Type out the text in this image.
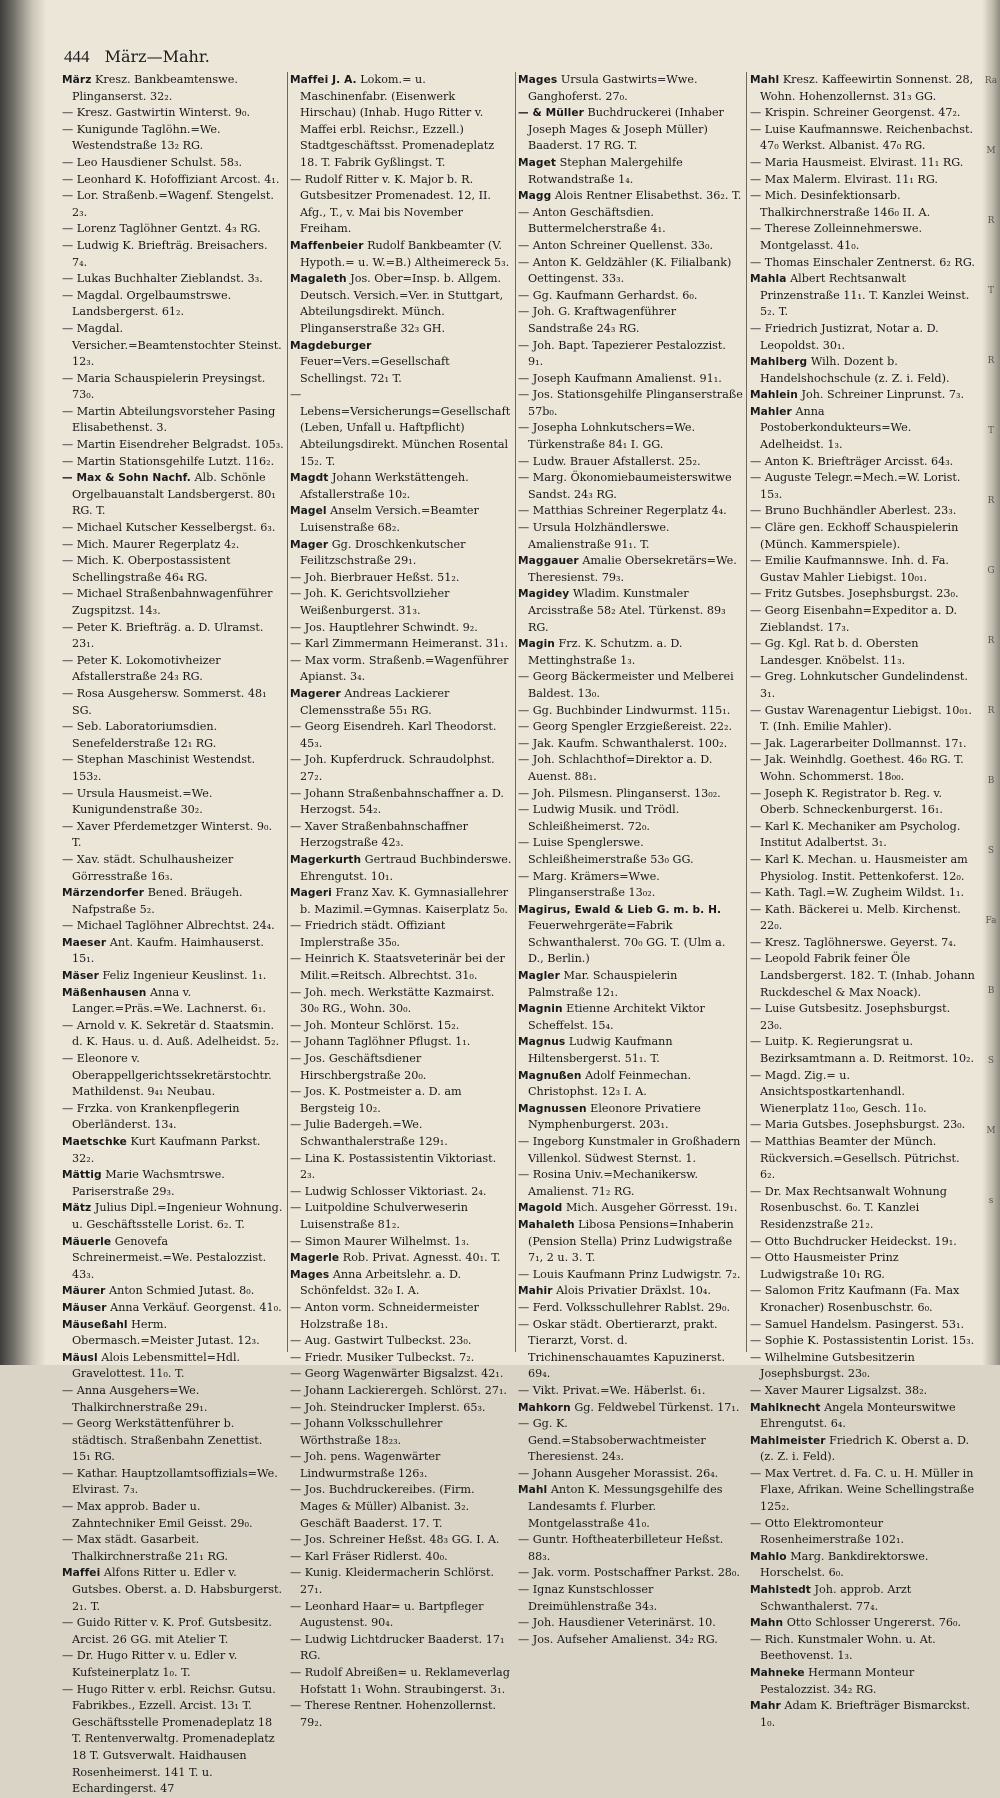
444 März—Mahr.

März Kresz. Bankbeamtenswe. Plinganserst. 32₂.

— Kresz. Gastwirtin Winterst. 9₀.

— Kunigunde Taglöhn.=We. Westendstraße 13₂ RG.

— Leo Hausdiener Schulst. 58₃.

— Leonhard K. Hofoffiziant Arcost. 4₁.

— Lor. Straßenb.=Wagenf. Stengelst. 2₃.

— Lorenz Taglöhner Gentzt. 4₃ RG.

— Ludwig K. Briefträg. Breisachers. 7₄.

— Lukas Buchhalter Zieblandst. 3₃.

— Magdal. Orgelbaumstrswe. Landsbergerst. 61₂.

— Magdal. Versicher.=Beamtenstochter Steinst. 12₃.

— Maria Schauspielerin Preysingst. 73₀.

— Martin Abteilungsvorsteher Pasing Elisabethenst. 3.

— Martin Eisendreher Belgradst. 105₃.

— Martin Stationsgehilfe Lutzt. 116₂.

— Max & Sohn Nachf. Alb. Schönle Orgelbauanstalt Landsbergerst. 80₁ RG. T.

— Michael Kutscher Kesselbergst. 6₃.

— Mich. Maurer Regerplatz 4₂.

— Mich. K. Oberpostassistent Schellingstraße 46₄ RG.

— Michael Straßenbahnwagenführer Zugspitzst. 14₃.

— Peter K. Briefträg. a. D. Ulramst. 23₁.

— Peter K. Lokomotivheizer Afstallerstraße 24₃ RG.

— Rosa Ausgehersw. Sommerst. 48₁ SG.

— Seb. Laboratoriumsdien. Senefelderstraße 12₁ RG.

— Stephan Maschinist Westendst. 153₂.

— Ursula Hausmeist.=We. Kunigundenstraße 30₂.

— Xaver Pferdemetzger Winterst. 9₀. T.

— Xav. städt. Schulhausheizer Görresstraße 16₃.

Märzendorfer Bened. Bräugeh. Nafpstraße 5₂.

— Michael Taglöhner Albrechtst. 24₄.

Maeser Ant. Kaufm. Haimhauserst. 15₁.

Mäser Feliz Ingenieur Keuslinst. 1₁.

Mäßenhausen Anna v. Langer.=Präs.=We. Lachnerst. 6₁.

— Arnold v. K. Sekretär d. Staatsmin. d. K. Haus. u. d. Auß. Adelheidst. 5₂.

— Eleonore v. Oberappellgerichtssekretärstochtr. Mathildenst. 9₄₁ Neubau.

— Frzka. von Krankenpflegerin Oberländerst. 13₄.

Maetschke Kurt Kaufmann Parkst. 32₂.

Mättig Marie Wachsmtrswe. Pariserstraße 29₃.

Mätz Julius Dipl.=Ingenieur Wohnung. u. Geschäftsstelle Lorist. 6₂. T.

Mäuerle Genovefa Schreinermeist.=We. Pestalozzist. 43₃.

Mäurer Anton Schmied Jutast. 8₀.

Mäuser Anna Verkäuf. Georgenst. 41₀.

Mäuseßahl Herm. Obermasch.=Meister Jutast. 12₃.

Mäusl Alois Lebensmittel=Hdl. Gravelottest. 11₀. T.

— Anna Ausgehers=We. Thalkirchnerstraße 29₁.

— Georg Werkstättenführer b. städtisch. Straßenbahn Zenettist. 15₁ RG.

— Kathar. Hauptzollamtsoffizials=We. Elvirast. 7₃.

— Max approb. Bader u. Zahntechniker Emil Geisst. 29₀.

— Max städt. Gasarbeit. Thalkirchnerstraße 21₁ RG.

Maffei Alfons Ritter u. Edler v. Gutsbes. Oberst. a. D. Habsburgerst. 2₁. T.

— Guido Ritter v. K. Prof. Gutsbesitz. Arcist. 26 GG. mit Atelier T.

— Dr. Hugo Ritter v. u. Edler v. Kufsteinerplatz 1₀. T.

— Hugo Ritter v. erbl. Reichsr. Gutsu. Fabrikbes., Ezzell. Arcist. 13₁ T. Geschäftsstelle Promenadeplatz 18 T. Rentenverwaltg. Promenadeplatz 18 T. Gutsverwalt. Haidhausen Rosenheimerst. 141 T. u. Echardingerst. 47

Maffei J. A. Lokom.= u. Maschinenfabr. (Eisenwerk Hirschau) (Inhab. Hugo Ritter v. Maffei erbl. Reichsr., Ezzell.) Stadtgeschäftsst. Promenadeplatz 18. T. Fabrik Gyßlingst. T.

— Rudolf Ritter v. K. Major b. R. Gutsbesitzer Promenadest. 12, II. Afg., T., v. Mai bis November Freiham.

Maffenbeier Rudolf Bankbeamter (V. Hypoth.= u. W.=B.) Altheimereck 5₃.

Magaleth Jos. Ober=Insp. b. Allgem. Deutsch. Versich.=Ver. in Stuttgart, Abteilungsdirekt. Münch. Plinganserstraße 32₃ GH.

Magdeburger Feuer=Vers.=Gesellschaft Schellingst. 72₁ T.

— Lebens=Versicherungs=Gesellschaft (Leben, Unfall u. Haftpflicht) Abteilungsdirekt. München Rosental 15₂. T.

Magdt Johann Werkstättengeh. Afstallerstraße 10₂.

Magel Anselm Versich.=Beamter Luisenstraße 68₂.

Mager Gg. Droschkenkutscher Feilitzschstraße 29₁.

— Joh. Bierbrauer Heßst. 51₂.

— Joh. K. Gerichtsvollzieher Weißenburgerst. 31₃.

— Jos. Hauptlehrer Schwindt. 9₂.

— Karl Zimmermann Heimeranst. 31₁.

— Max vorm. Straßenb.=Wagenführer Apianst. 3₄.

Magerer Andreas Lackierer Clemensstraße 55₁ RG.

— Georg Eisendreh. Karl Theodorst. 45₃.

— Joh. Kupferdruck. Schraudolphst. 27₂.

— Johann Straßenbahnschaffner a. D. Herzogst. 54₂.

— Xaver Straßenbahnschaffner Herzogstraße 42₃.

Magerkurth Gertraud Buchbinderswe. Ehrengutst. 10₁.

Mageri Franz Xav. K. Gymnasiallehrer b. Mazimil.=Gymnas. Kaiserplatz 5₀.

— Friedrich städt. Offiziant Implerstraße 35₀.

— Heinrich K. Staatsveterinär bei der Milit.=Reitsch. Albrechtst. 31₀.

— Joh. mech. Werkstätte Kazmairst. 30₀ RG., Wohn. 30₀.

— Joh. Monteur Schlörst. 15₂.

— Johann Taglöhner Pflugst. 1₁.

— Jos. Geschäftsdiener Hirschbergstraße 20₀.

— Jos. K. Postmeister a. D. am Bergsteig 10₂.

— Julie Badergeh.=We. Schwanthalerstraße 129₁.

— Lina K. Postassistentin Viktoriast. 2₃.

— Ludwig Schlosser Viktoriast. 2₄.

— Luitpoldine Schulverweserin Luisenstraße 81₂.

— Simon Maurer Wilhelmst. 1₃.

Magerle Rob. Privat. Agnesst. 40₁. T.

Mages Anna Arbeitslehr. a. D. Schönfeldst. 32₀ I. A.

— Anton vorm. Schneidermeister Holzstraße 18₁.

— Aug. Gastwirt Tulbeckst. 23₀.

— Friedr. Musiker Tulbeckst. 7₂.

— Georg Wagenwärter Bigsalzst. 42₁.

— Johann Lackierergeh. Schlörst. 27₁.

— Joh. Steindrucker Implerst. 65₃.

— Johann Volksschullehrer Wörthstraße 18₂₃.

— Joh. pens. Wagenwärter Lindwurmstraße 126₃.

— Jos. Buchdruckereibes. (Firm. Mages & Müller) Albanist. 3₂. Geschäft Baaderst. 17. T.

— Jos. Schreiner Heßst. 48₃ GG. I. A.

— Karl Fräser Ridlerst. 40₀.

— Kunig. Kleidermacherin Schlörst. 27₁.

— Leonhard Haar= u. Bartpfleger Augustenst. 90₄.

— Ludwig Lichtdrucker Baaderst. 17₁ RG.

— Rudolf Abreißen= u. Reklameverlag Hofstatt 1₁ Wohn. Straubingerst. 3₁.

— Therese Rentner. Hohenzollernst. 79₂.

Mages Ursula Gastwirts=Wwe. Ganghoferst. 27₀.

— & Müller Buchdruckerei (Inhaber Joseph Mages & Joseph Müller) Baaderst. 17 RG. T.

Maget Stephan Malergehilfe Rotwandstraße 1₄.

Magg Alois Rentner Elisabethst. 36₂. T.

— Anton Geschäftsdien. Buttermelcherstraße 4₁.

— Anton Schreiner Quellenst. 33₀.

— Anton K. Geldzähler (K. Filialbank) Oettingenst. 33₃.

— Gg. Kaufmann Gerhardst. 6₀.

— Joh. G. Kraftwagenführer Sandstraße 24₃ RG.

— Joh. Bapt. Tapezierer Pestalozzist. 9₁.

— Joseph Kaufmann Amalienst. 91₁.

— Jos. Stationsgehilfe Plinganserstraße 57b₀.

— Josepha Lohnkutschers=We. Türkenstraße 84₁ I. GG.

— Ludw. Brauer Afstallerst. 25₂.

— Marg. Ökonomiebaumeisterswitwe Sandst. 24₃ RG.

— Matthias Schreiner Regerplatz 4₄.

— Ursula Holzhändlerswe. Amalienstraße 91₁. T.

Maggauer Amalie Obersekretärs=We. Theresienst. 79₃.

Magidey Wladim. Kunstmaler Arcisstraße 58₂ Atel. Türkenst. 89₃ RG.

Magin Frz. K. Schutzm. a. D. Mettinghstraße 1₃.

— Georg Bäckermeister und Melberei Baldest. 13₀.

— Gg. Buchbinder Lindwurmst. 115₁.

— Georg Spengler Erzgießereist. 22₂.

— Jak. Kaufm. Schwanthalerst. 100₂.

— Joh. Schlachthof=Direktor a. D. Auenst. 88₁.

— Joh. Pilsmesn. Plinganserst. 13₀₂.

— Ludwig Musik. und Trödl. Schleißheimerst. 72₀.

— Luise Spenglerswe. Schleißheimerstraße 53₀ GG.

— Marg. Krämers=Wwe. Plinganserstraße 13₀₂.

Magirus, Ewald & Lieb G. m. b. H. Feuerwehrgeräte=Fabrik Schwanthalerst. 70₀ GG. T. (Ulm a. D., Berlin.)

Magler Mar. Schauspielerin Palmstraße 12₁.

Magnin Etienne Architekt Viktor Scheffelst. 15₄.

Magnus Ludwig Kaufmann Hiltensbergerst. 51₁. T.

Magnußen Adolf Feinmechan. Christophst. 12₃ I. A.

Magnussen Eleonore Privatiere Nymphenburgerst. 203₁.

— Ingeborg Kunstmaler in Großhadern Villenkol. Südwest Sternst. 1.

— Rosina Univ.=Mechanikersw. Amalienst. 71₂ RG.

Magold Mich. Ausgeher Görresst. 19₁.

Mahaleth Libosa Pensions=Inhaberin (Pension Stella) Prinz Ludwigstraße 7₁, 2 u. 3. T.

— Louis Kaufmann Prinz Ludwigstr. 7₂.

Mahir Alois Privatier Dräxlst. 10₄.

— Ferd. Volksschullehrer Rablst. 29₀.

— Oskar städt. Obertierarzt, prakt. Tierarzt, Vorst. d. Trichinenschauamtes Kapuzinerst. 69₄.

— Vikt. Privat.=We. Häberlst. 6₁.

Mahkorn Gg. Feldwebel Türkenst. 17₁.

— Gg. K. Gend.=Stabsoberwachtmeister Theresienst. 24₃.

— Johann Ausgeher Morassist. 26₄.

Mahl Anton K. Messungsgehilfe des Landesamts f. Flurber. Montgelasstraße 41₀.

— Guntr. Hoftheaterbilleteur Heßst. 88₃.

— Jak. vorm. Postschaffner Parkst. 28₀.

— Ignaz Kunstschlosser Dreimühlenstraße 34₃.

— Joh. Hausdiener Veterinärst. 10.

— Jos. Aufseher Amalienst. 34₂ RG.

Mahl Kresz. Kaffeewirtin Sonnenst. 28, Wohn. Hohenzollernst. 31₃ GG.

— Krispin. Schreiner Georgenst. 47₂.

— Luise Kaufmannswe. Reichenbachst. 47₀ Werkst. Albanist. 47₀ RG.

— Maria Hausmeist. Elvirast. 11₁ RG.

— Max Malerm. Elvirast. 11₁ RG.

— Mich. Desinfektionsarb. Thalkirchnerstraße 146₀ II. A.

— Therese Zolleinnehmerswe. Montgelasst. 41₀.

— Thomas Einschaler Zentnerst. 6₂ RG.

Mahla Albert Rechtsanwalt Prinzenstraße 11₁. T. Kanzlei Weinst. 5₂. T.

— Friedrich Justizrat, Notar a. D. Leopoldst. 30₁.

Mahlberg Wilh. Dozent b. Handelshochschule (z. Z. i. Feld).

Mahlein Joh. Schreiner Linprunst. 7₃.

Mahler Anna Postoberkondukteurs=We. Adelheidst. 1₃.

— Anton K. Briefträger Arcisst. 64₃.

— Auguste Telegr.=Mech.=W. Lorist. 15₃.

— Bruno Buchhändler Aberlest. 23₃.

— Cläre gen. Eckhoff Schauspielerin (Münch. Kammerspiele).

— Emilie Kaufmannswe. Inh. d. Fa. Gustav Mahler Liebigst. 10₀₁.

— Fritz Gutsbes. Josephsburgst. 23₀.

— Georg Eisenbahn=Expeditor a. D. Zieblandst. 17₃.

— Gg. Kgl. Rat b. d. Obersten Landesger. Knöbelst. 11₃.

— Greg. Lohnkutscher Gundelindenst. 3₁.

— Gustav Warenagentur Liebigst. 10₀₁. T. (Inh. Emilie Mahler).

— Jak. Lagerarbeiter Dollmannst. 17₁.

— Jak. Weinhdlg. Goethest. 46₀ RG. T. Wohn. Schommerst. 18₀₀.

— Joseph K. Registrator b. Reg. v. Oberb. Schneckenburgerst. 16₁.

— Karl K. Mechaniker am Psycholog. Institut Adalbertst. 3₁.

— Karl K. Mechan. u. Hausmeister am Physiolog. Instit. Pettenkoferst. 12₀.

— Kath. Tagl.=W. Zugheim Wildst. 1₁.

— Kath. Bäckerei u. Melb. Kirchenst. 22₀.

— Kresz. Taglöhnerswe. Geyerst. 7₄.

— Leopold Fabrik feiner Öle Landsbergerst. 182. T. (Inhab. Johann Ruckdeschel & Max Noack).

— Luise Gutsbesitz. Josephsburgst. 23₀.

— Luitp. K. Regierungsrat u. Bezirksamtmann a. D. Reitmorst. 10₂.

— Magd. Zig.= u. Ansichtspostkartenhandl. Wienerplatz 11₀₀, Gesch. 11₀.

— Maria Gutsbes. Josephsburgst. 23₀.

— Matthias Beamter der Münch. Rückversich.=Gesellsch. Pütrichst. 6₂.

— Dr. Max Rechtsanwalt Wohnung Rosenbuschst. 6₀. T. Kanzlei Residenzstraße 21₂.

— Otto Buchdrucker Heideckst. 19₁.

— Otto Hausmeister Prinz Ludwigstraße 10₁ RG.

— Salomon Fritz Kaufmann (Fa. Max Kronacher) Rosenbuschstr. 6₀.

— Samuel Handelsm. Pasingerst. 53₁.

— Sophie K. Postassistentin Lorist. 15₃.

— Wilhelmine Gutsbesitzerin Josephsburgst. 23₀.

— Xaver Maurer Ligsalzst. 38₂.

Mahlknecht Angela Monteurswitwe Ehrengutst. 6₄.

Mahlmeister Friedrich K. Oberst a. D. (z. Z. i. Feld).

— Max Vertret. d. Fa. C. u. H. Müller in Flaxe, Afrikan. Weine Schellingstraße 125₂.

— Otto Elektromonteur Rosenheimerstraße 102₁.

Mahlo Marg. Bankdirektorswe. Horschelst. 6₀.

Mahlstedt Joh. approb. Arzt Schwanthalerst. 77₄.

Mahn Otto Schlosser Ungererst. 76₀.

— Rich. Kunstmaler Wohn. u. At. Beethovenst. 1₃.

Mahneke Hermann Monteur Pestalozzist. 34₂ RG.

Mahr Adam K. Briefträger Bismarckst. 1₀.

Ra
M
R
T
R
T
R
G
R
R
B
S
Fa
B
S
M
s
